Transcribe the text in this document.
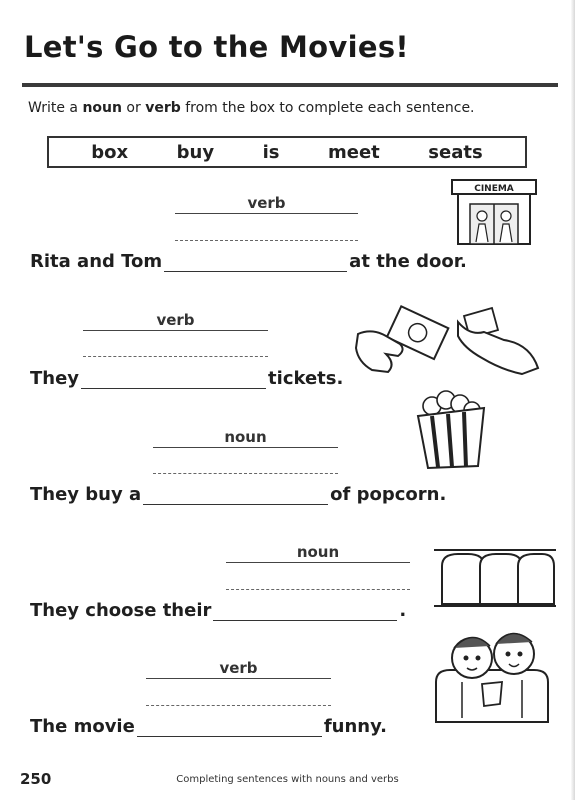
Let's Go to the Movies!
Write a noun or verb from the box to complete each sentence.
box	buy	is	meet	seats
verb
Rita and Tom	at the door.
verb
They	tickets.
noun
They buy a	of popcorn.
noun
They choose their	.
verb
The movie	funny.
CINEMA
250	Completing sentences with nouns and verbs
